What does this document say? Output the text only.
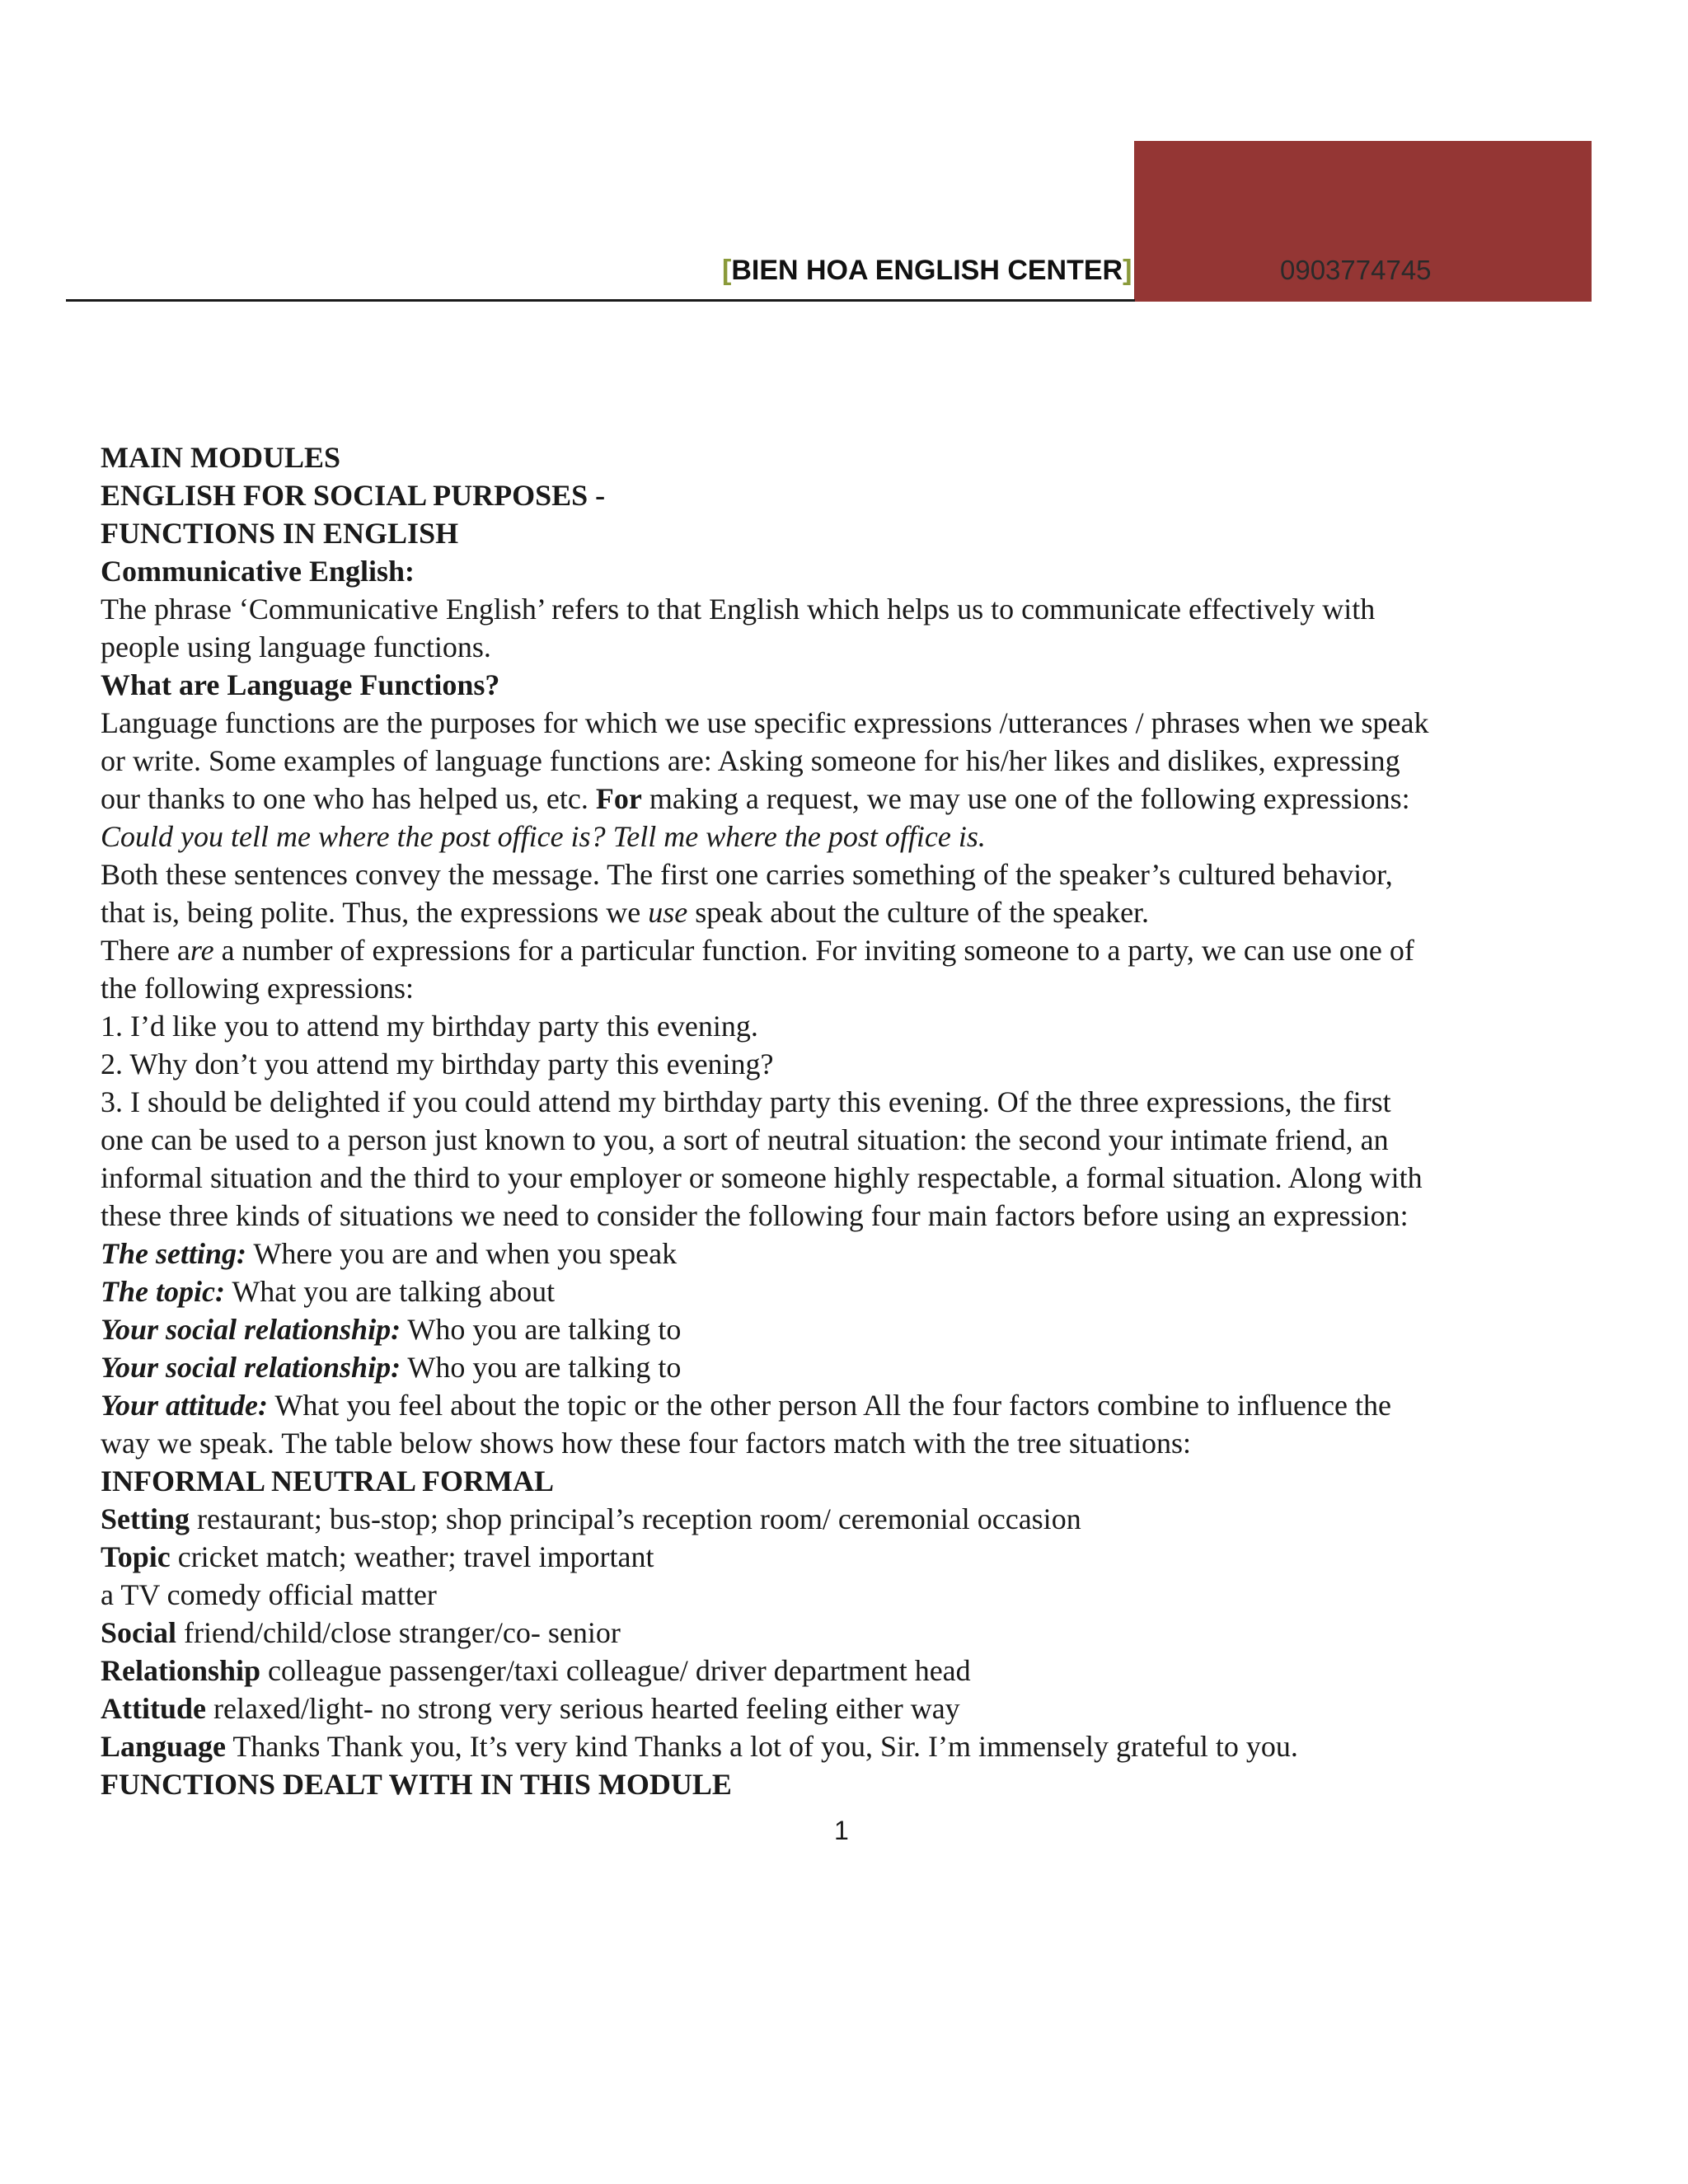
[BIEN HOA ENGLISH CENTER]	0903774745
MAIN MODULES
ENGLISH FOR SOCIAL PURPOSES -
FUNCTIONS IN ENGLISH
Communicative English:
The phrase ‘Communicative English’ refers to that English which helps us to communicate effectively with
people using language functions.
What are Language Functions?
Language functions are the purposes for which we use specific expressions /utterances / phrases when we speak
or write. Some examples of language functions are: Asking someone for his/her likes and dislikes, expressing
our thanks to one who has helped us, etc. For making a request, we may use one of the following expressions:
Could you tell me where the post office is? Tell me where the post office is.
Both these sentences convey the message. The first one carries something of the speaker’s cultured behavior,
that is, being polite. Thus, the expressions we use speak about the culture of the speaker.
There are a number of expressions for a particular function. For inviting someone to a party, we can use one of
the following expressions:
1. I’d like you to attend my birthday party this evening.
2. Why don’t you attend my birthday party this evening?
3. I should be delighted if you could attend my birthday party this evening. Of the three expressions, the first
one can be used to a person just known to you, a sort of neutral situation: the second your intimate friend, an
informal situation and the third to your employer or someone highly respectable, a formal situation. Along with
these three kinds of situations we need to consider the following four main factors before using an expression:
The setting: Where you are and when you speak
The topic: What you are talking about
Your social relationship: Who you are talking to
Your social relationship: Who you are talking to
Your attitude: What you feel about the topic or the other person All the four factors combine to influence the
way we speak. The table below shows how these four factors match with the tree situations:
INFORMAL NEUTRAL FORMAL
Setting restaurant; bus-stop; shop principal’s reception room/ ceremonial occasion
Topic cricket match; weather; travel important
a TV comedy official matter
Social friend/child/close stranger/co- senior
Relationship colleague passenger/taxi colleague/ driver department head
Attitude relaxed/light- no strong very serious hearted feeling either way
Language Thanks Thank you, It’s very kind Thanks a lot of you, Sir. I’m immensely grateful to you.
FUNCTIONS DEALT WITH IN THIS MODULE
1
